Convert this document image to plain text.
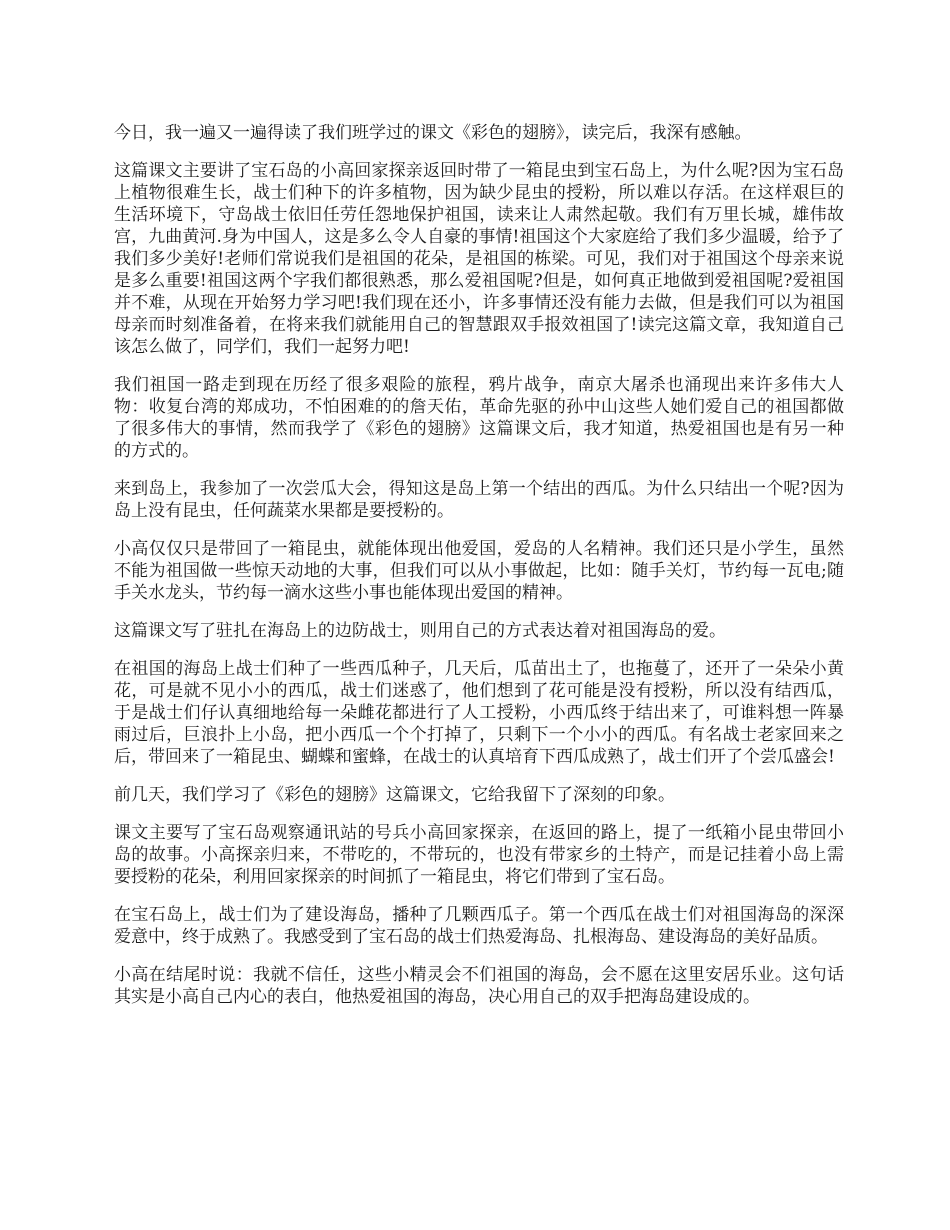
今日，我一遍又一遍得读了我们班学过的课文《彩色的翅膀》，读完后，我深有感触。

这篇课文主要讲了宝石岛的小高回家探亲返回时带了一箱昆虫到宝石岛上，为什么呢?因为宝石岛上植物很难生长，战士们种下的许多植物，因为缺少昆虫的授粉，所以难以存活。在这样艰巨的生活环境下，守岛战士依旧任劳任怨地保护祖国，读来让人肃然起敬。我们有万里长城，雄伟故宫，九曲黄河.身为中国人，这是多么令人自豪的事情!祖国这个大家庭给了我们多少温暖，给予了我们多少美好!老师们常说我们是祖国的花朵，是祖国的栋梁。可见，我们对于祖国这个母亲来说是多么重要!祖国这两个字我们都很熟悉，那么爱祖国呢?但是，如何真正地做到爱祖国呢?爱祖国并不难，从现在开始努力学习吧!我们现在还小，许多事情还没有能力去做，但是我们可以为祖国母亲而时刻准备着，在将来我们就能用自己的智慧跟双手报效祖国了!读完这篇文章，我知道自己该怎么做了，同学们，我们一起努力吧!

我们祖国一路走到现在历经了很多艰险的旅程，鸦片战争，南京大屠杀也涌现出来许多伟大人物：收复台湾的郑成功，不怕困难的的詹天佑，革命先驱的孙中山这些人她们爱自己的祖国都做了很多伟大的事情，然而我学了《彩色的翅膀》这篇课文后，我才知道，热爱祖国也是有另一种的方式的。

来到岛上，我参加了一次尝瓜大会，得知这是岛上第一个结出的西瓜。为什么只结出一个呢?因为岛上没有昆虫，任何蔬菜水果都是要授粉的。

小高仅仅只是带回了一箱昆虫，就能体现出他爱国，爱岛的人名精神。我们还只是小学生，虽然不能为祖国做一些惊天动地的大事，但我们可以从小事做起，比如：随手关灯，节约每一瓦电;随手关水龙头，节约每一滴水这些小事也能体现出爱国的精神。

这篇课文写了驻扎在海岛上的边防战士，则用自己的方式表达着对祖国海岛的爱。

在祖国的海岛上战士们种了一些西瓜种子，几天后，瓜苗出土了，也拖蔓了，还开了一朵朵小黄花，可是就不见小小的西瓜，战士们迷惑了，他们想到了花可能是没有授粉，所以没有结西瓜，于是战士们仔认真细地给每一朵雌花都进行了人工授粉，小西瓜终于结出来了，可谁料想一阵暴雨过后，巨浪扑上小岛，把小西瓜一个个打掉了，只剩下一个小小的西瓜。有名战士老家回来之后，带回来了一箱昆虫、蝴蝶和蜜蜂，在战士的认真培育下西瓜成熟了，战士们开了个尝瓜盛会!

前几天，我们学习了《彩色的翅膀》这篇课文，它给我留下了深刻的印象。

课文主要写了宝石岛观察通讯站的号兵小高回家探亲，在返回的路上，提了一纸箱小昆虫带回小岛的故事。小高探亲归来，不带吃的，不带玩的，也没有带家乡的土特产，而是记挂着小岛上需要授粉的花朵，利用回家探亲的时间抓了一箱昆虫，将它们带到了宝石岛。

在宝石岛上，战士们为了建设海岛，播种了几颗西瓜子。第一个西瓜在战士们对祖国海岛的深深爱意中，终于成熟了。我感受到了宝石岛的战士们热爱海岛、扎根海岛、建设海岛的美好品质。

小高在结尾时说：我就不信任，这些小精灵会不们祖国的海岛，会不愿在这里安居乐业。这句话其实是小高自己内心的表白，他热爱祖国的海岛，决心用自己的双手把海岛建设成的。
